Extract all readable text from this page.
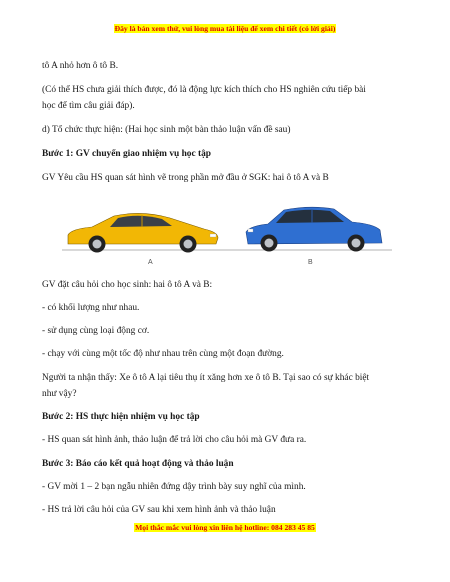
Đây là bản xem thử, vui lòng mua tài liệu để xem chi tiết (có lời giải)
tô A nhỏ hơn ô tô B.
(Có thể HS chưa giải thích được, đó là động lực kích thích cho HS nghiên cứu tiếp bài
học để tìm câu giải đáp).
d) Tổ chức thực hiện: (Hai học sinh một bàn thảo luận vấn đề sau)
Bước 1: GV chuyển giao nhiệm vụ học tập
GV Yêu cầu HS quan sát hình vẽ trong phần mở đầu ở SGK: hai ô tô A và B
A	B
GV đặt câu hỏi cho học sinh: hai ô tô A và B:
- có khối lượng như nhau.
- sử dụng cùng loại động cơ.
- chạy với cùng một tốc độ như nhau trên cùng một đoạn đường.
Người ta nhận thấy: Xe ô tô A lại tiêu thụ ít xăng hơn xe ô tô B. Tại sao có sự khác biệt
như vậy?
Bước 2: HS thực hiện nhiệm vụ học tập
- HS quan sát hình ảnh, thảo luận để trả lời cho câu hỏi mà GV đưa ra.
Bước 3: Báo cáo kết quả hoạt động và thảo luận
- GV mời 1 – 2 bạn ngẫu nhiên đứng dậy trình bày suy nghĩ của mình.
- HS trả lời câu hỏi của GV sau khi xem hình ảnh và thảo luận
Mọi thắc mắc vui lòng xin liên hệ hotline: 084 283 45 85
